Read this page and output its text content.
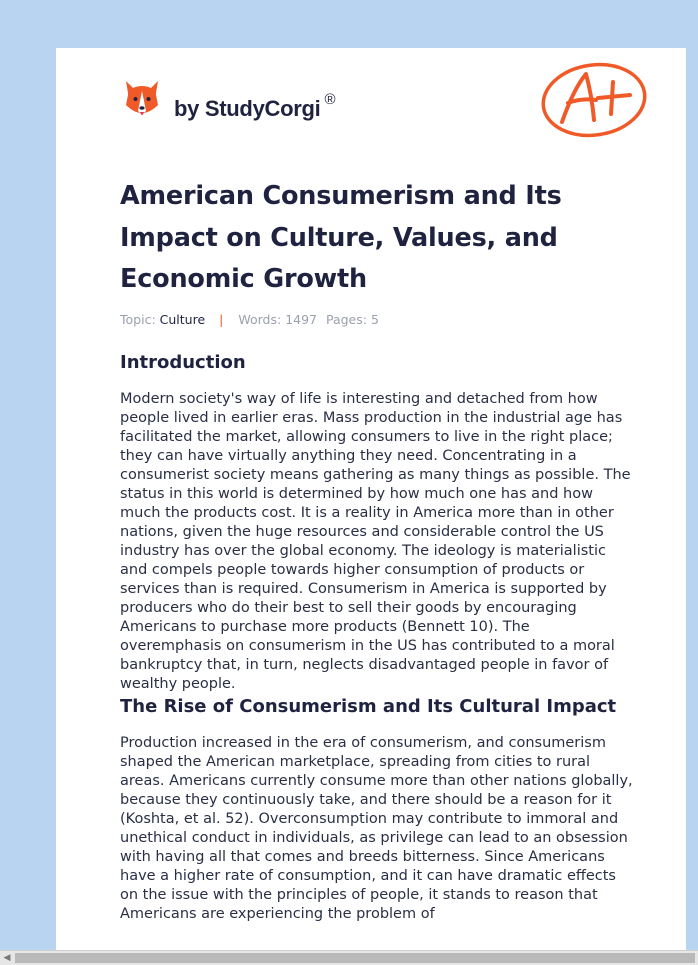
by StudyCorgi ®
American Consumerism and Its Impact on Culture, Values, and Economic Growth
Topic: Culture | Words: 1497 Pages: 5
Introduction

Modern society's way of life is interesting and detached from how people lived in earlier eras. Mass production in the industrial age has facilitated the market, allowing consumers to live in the right place; they can have virtually anything they need. Concentrating in a consumerist society means gathering as many things as possible. The status in this world is determined by how much one has and how much the products cost. It is a reality in America more than in other nations, given the huge resources and considerable control the US industry has over the global economy. The ideology is materialistic and compels people towards higher consumption of products or services than is required. Consumerism in America is supported by producers who do their best to sell their goods by encouraging Americans to purchase more products (Bennett 10). The overemphasis on consumerism in the US has contributed to a moral bankruptcy that, in turn, neglects disadvantaged people in favor of wealthy people.

The Rise of Consumerism and Its Cultural Impact

Production increased in the era of consumerism, and consumerism shaped the American marketplace, spreading from cities to rural areas. Americans currently consume more than other nations globally, because they continuously take, and there should be a reason for it (Koshta, et al. 52). Overconsumption may contribute to immoral and unethical conduct in individuals, as privilege can lead to an obsession with having all that comes and breeds bitterness. Since Americans have a higher rate of consumption, and it can have dramatic effects on the issue with the principles of people, it stands to reason that Americans are experiencing the problem of

◀
